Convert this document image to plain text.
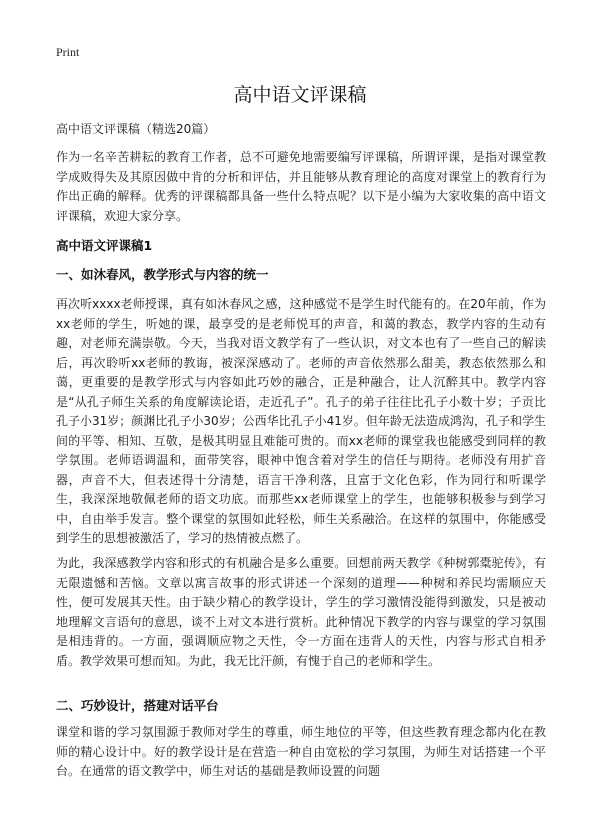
Print
高中语文评课稿
高中语文评课稿（精选20篇）

作为一名辛苦耕耘的教育工作者，总不可避免地需要编写评课稿，所谓评课，是指对课堂教学成败得失及其原因做中肯的分析和评估，并且能够从教育理论的高度对课堂上的教育行为作出正确的解释。优秀的评课稿都具备一些什么特点呢？以下是小编为大家收集的高中语文评课稿，欢迎大家分享。

高中语文评课稿1
一、如沐春风，教学形式与内容的统一

再次听xxxx老师授课，真有如沐春风之感，这种感觉不是学生时代能有的。在20年前，作为xx老师的学生，听她的课，最享受的是老师悦耳的声音，和蔼的教态，教学内容的生动有趣，对老师充满崇敬。今天，当我对语文教学有了一些认识，对文本也有了一些自己的解读后，再次聆听xx老师的教诲，被深深感动了。老师的声音依然那么甜美，教态依然那么和蔼，更重要的是教学形式与内容如此巧妙的融合，正是种融合，让人沉醉其中。教学内容是“从孔子师生关系的角度解读论语，走近孔子”。孔子的弟子往往比孔子小数十岁；子贡比孔子小31岁；颜渊比孔子小30岁；公西华比孔子小41岁。但年龄无法造成鸿沟，孔子和学生间的平等、相知、互敬，是极其明显且难能可贵的。而xx老师的课堂我也能感受到同样的教学氛围。老师语调温和，面带笑容，眼神中饱含着对学生的信任与期待。老师没有用扩音器，声音不大，但表述得十分清楚，语言干净利落，且富于文化色彩，作为同行和听课学生，我深深地敬佩老师的语文功底。而那些xx老师课堂上的学生，也能够积极参与到学习中，自由举手发言。整个课堂的氛围如此轻松，师生关系融洽。在这样的氛围中，你能感受到学生的思想被激活了，学习的热情被点燃了。

为此，我深感教学内容和形式的有机融合是多么重要。回想前两天教学《种树郭橐驼传》，有无限遗憾和苦恼。文章以寓言故事的形式讲述一个深刻的道理——种树和养民均需顺应天性，便可发展其天性。由于缺少精心的教学设计，学生的学习激情没能得到激发，只是被动地理解文言语句的意思，谈不上对文本进行赏析。此种情况下教学的内容与课堂的学习氛围是相违背的。一方面，强调顺应物之天性，令一方面在违背人的天性，内容与形式自相矛盾。教学效果可想而知。为此，我无比汗颜，有愧于自己的老师和学生。

二、巧妙设计，搭建对话平台

课堂和谐的学习氛围源于教师对学生的尊重，师生地位的平等，但这些教育理念都内化在教师的精心设计中。好的教学设计是在营造一种自由宽松的学习氛围，为师生对话搭建一个平台。在通常的语文教学中，师生对话的基础是教师设置的问题
